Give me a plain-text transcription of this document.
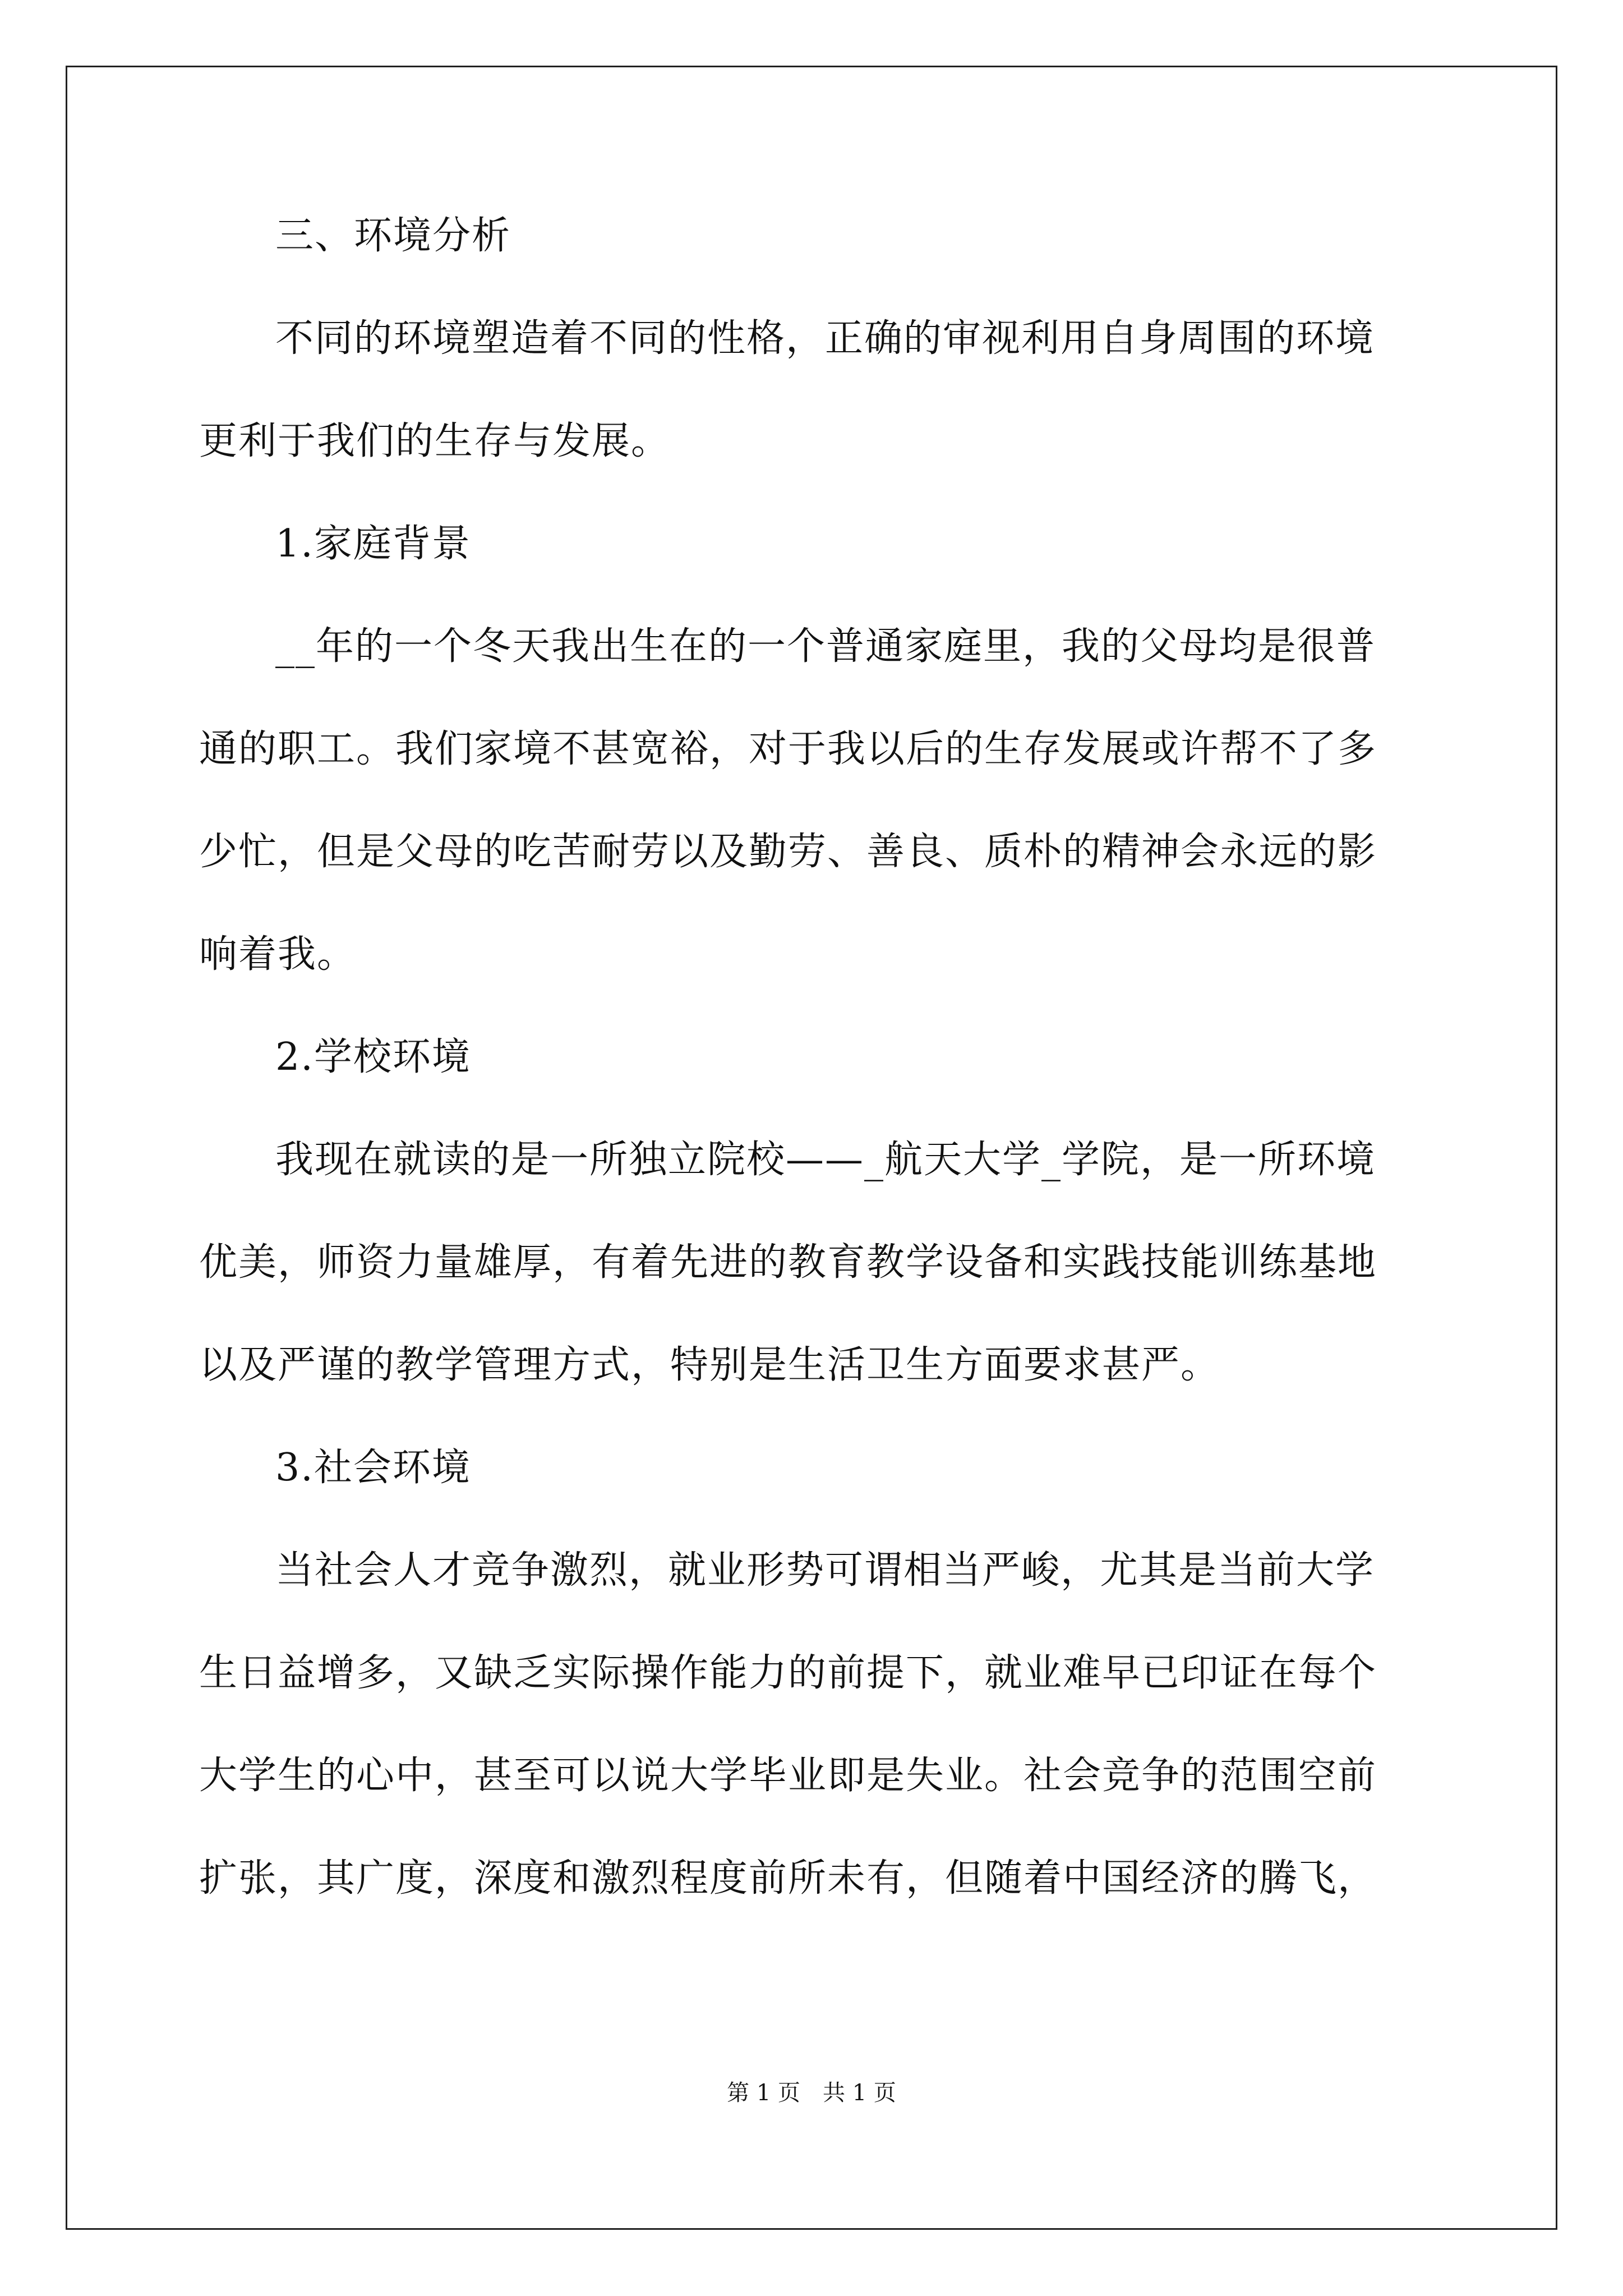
三、环境分析
不同的环境塑造着不同的性格，正确的审视利用自身周围的环境
更利于我们的生存与发展。
1.家庭背景
__年的一个冬天我出生在的一个普通家庭里，我的父母均是很普
通的职工。我们家境不甚宽裕，对于我以后的生存发展或许帮不了多
少忙，但是父母的吃苦耐劳以及勤劳、善良、质朴的精神会永远的影
响着我。
2.学校环境
我现在就读的是一所独立院校——_航天大学_学院，是一所环境
优美，师资力量雄厚，有着先进的教育教学设备和实践技能训练基地
以及严谨的教学管理方式，特别是生活卫生方面要求甚严。
3.社会环境
当社会人才竞争激烈，就业形势可谓相当严峻，尤其是当前大学
生日益增多，又缺乏实际操作能力的前提下，就业难早已印证在每个
大学生的心中，甚至可以说大学毕业即是失业。社会竞争的范围空前
扩张，其广度，深度和激烈程度前所未有，但随着中国经济的腾飞，
第 1 页　共 1 页
